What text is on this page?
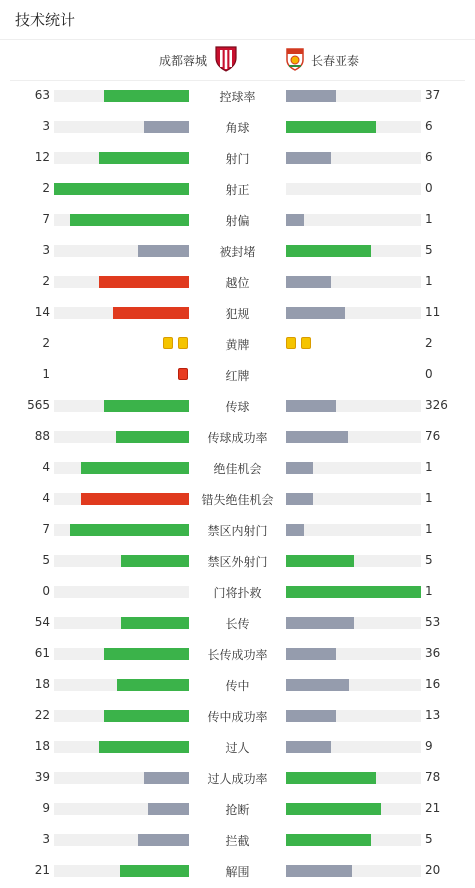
技术统计
成都蓉城	长春亚泰
63	控球率	37
3	角球	6
12	射门	6
2	射正	0
7	射偏	1
3	被封堵	5
2	越位	1
14	犯规	11
2	黄牌	2
1	红牌	0
565	传球	326
88	传球成功率	76
4	绝佳机会	1
4	错失绝佳机会	1
7	禁区内射门	1
5	禁区外射门	5
0	门将扑救	1
54	长传	53
61	长传成功率	36
18	传中	16
22	传中成功率	13
18	过人	9
39	过人成功率	78
9	抢断	21
3	拦截	5
21	解围	20
